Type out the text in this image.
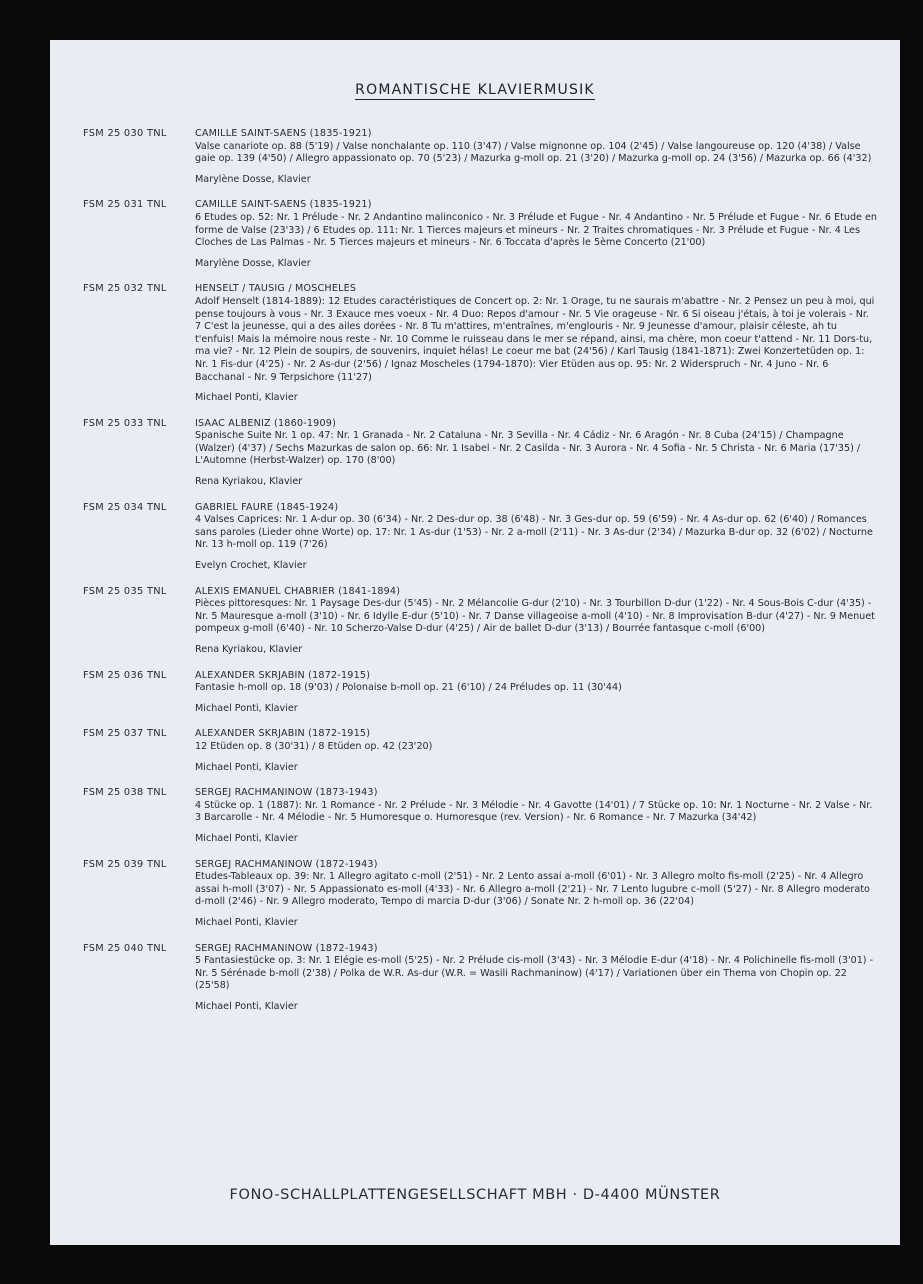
ROMANTISCHE KLAVIERMUSIK
FSM 25 030 TNL	CAMILLE SAINT-SAENS (1835-1921)

Valse canariote op. 88 (5'19) / Valse nonchalante op. 110 (3'47) / Valse mignonne op. 104 (2'45) / Valse langoureuse op. 120 (4'38) / Valse gaie op. 139 (4'50) / Allegro appassionato op. 70 (5'23) / Mazurka g-moll op. 21 (3'20) / Mazurka g-moll op. 24 (3'56) / Mazurka op. 66 (4'32)

Marylène Dosse, Klavier
FSM 25 031 TNL	CAMILLE SAINT-SAENS (1835-1921)

6 Etudes op. 52: Nr. 1 Prélude - Nr. 2 Andantino malinconico - Nr. 3 Prélude et Fugue - Nr. 4 Andantino - Nr. 5 Prélude et Fugue - Nr. 6 Etude en forme de Valse (23'33) / 6 Etudes op. 111: Nr. 1 Tierces majeurs et mineurs - Nr. 2 Traites chromatiques - Nr. 3 Prélude et Fugue - Nr. 4 Les Cloches de Las Palmas - Nr. 5 Tierces majeurs et mineurs - Nr. 6 Toccata d'après le 5ème Concerto (21'00)

Marylène Dosse, Klavier
FSM 25 032 TNL	HENSELT / TAUSIG / MOSCHELES

Adolf Henselt (1814-1889): 12 Etudes caractéristiques de Concert op. 2: Nr. 1 Orage, tu ne saurais m'abattre - Nr. 2 Pensez un peu à moi, qui pense toujours à vous - Nr. 3 Exauce mes voeux - Nr. 4 Duo: Repos d'amour - Nr. 5 Vie orageuse - Nr. 6 Si oiseau j'étais, à toi je volerais - Nr. 7 C'est la jeunesse, qui a des ailes dorées - Nr. 8 Tu m'attires, m'entraînes, m'englouris - Nr. 9 Jeunesse d'amour, plaisir céleste, ah tu t'enfuis! Mais la mémoire nous reste - Nr. 10 Comme le ruisseau dans le mer se répand, ainsi, ma chère, mon coeur t'attend - Nr. 11 Dors-tu, ma vie? - Nr. 12 Plein de soupirs, de souvenirs, inquiet hélas! Le coeur me bat (24'56) / Karl Tausig (1841-1871): Zwei Konzertetüden op. 1: Nr. 1 Fis-dur (4'25) - Nr. 2 As-dur (2'56) / Ignaz Moscheles (1794-1870): Vier Etüden aus op. 95: Nr. 2 Widerspruch - Nr. 4 Juno - Nr. 6 Bacchanal - Nr. 9 Terpsichore (11'27)

Michael Ponti, Klavier
FSM 25 033 TNL	ISAAC ALBENIZ (1860-1909)

Spanische Suite Nr. 1 op. 47: Nr. 1 Granada - Nr. 2 Cataluna - Nr. 3 Sevilla - Nr. 4 Cádiz - Nr. 6 Aragón - Nr. 8 Cuba (24'15) / Champagne (Walzer) (4'37) / Sechs Mazurkas de salon op. 66: Nr. 1 Isabel - Nr. 2 Casilda - Nr. 3 Aurora - Nr. 4 Sofia - Nr. 5 Christa - Nr. 6 Maria (17'35) / L'Automne (Herbst-Walzer) op. 170 (8'00)

Rena Kyriakou, Klavier
FSM 25 034 TNL	GABRIEL FAURE (1845-1924)

4 Valses Caprices: Nr. 1 A-dur op. 30 (6'34) - Nr. 2 Des-dur op. 38 (6'48) - Nr. 3 Ges-dur op. 59 (6'59) - Nr. 4 As-dur op. 62 (6'40) / Romances sans paroles (Lieder ohne Worte) op. 17: Nr. 1 As-dur (1'53) - Nr. 2 a-moll (2'11) - Nr. 3 As-dur (2'34) / Mazurka B-dur op. 32 (6'02) / Nocturne Nr. 13 h-moll op. 119 (7'26)

Evelyn Crochet, Klavier
FSM 25 035 TNL	ALEXIS EMANUEL CHABRIER (1841-1894)

Pièces pittoresques: Nr. 1 Paysage Des-dur (5'45) - Nr. 2 Mélancolie G-dur (2'10) - Nr. 3 Tourbillon D-dur (1'22) - Nr. 4 Sous-Bois C-dur (4'35) - Nr. 5 Mauresque a-moll (3'10) - Nr. 6 Idylle E-dur (5'10) - Nr. 7 Danse villageoise a-moll (4'10) - Nr. 8 Improvisation B-dur (4'27) - Nr. 9 Menuet pompeux g-moll (6'40) - Nr. 10 Scherzo-Valse D-dur (4'25) / Air de ballet D-dur (3'13) / Bourrée fantasque c-moll (6'00)

Rena Kyriakou, Klavier
FSM 25 036 TNL	ALEXANDER SKRJABIN (1872-1915)

Fantasie h-moll op. 18 (9'03) / Polonaise b-moll op. 21 (6'10) / 24 Préludes op. 11 (30'44)

Michael Ponti, Klavier
FSM 25 037 TNL	ALEXANDER SKRJABIN (1872-1915)

12 Etüden op. 8 (30'31) / 8 Etüden op. 42 (23'20)

Michael Ponti, Klavier
FSM 25 038 TNL	SERGEJ RACHMANINOW (1873-1943)

4 Stücke op. 1 (1887): Nr. 1 Romance - Nr. 2 Prélude - Nr. 3 Mélodie - Nr. 4 Gavotte (14'01) / 7 Stücke op. 10: Nr. 1 Nocturne - Nr. 2 Valse - Nr. 3 Barcarolle - Nr. 4 Mélodie - Nr. 5 Humoresque o. Humoresque (rev. Version) - Nr. 6 Romance - Nr. 7 Mazurka (34'42)

Michael Ponti, Klavier
FSM 25 039 TNL	SERGEJ RACHMANINOW (1872-1943)

Etudes-Tableaux op. 39: Nr. 1 Allegro agitato c-moll (2'51) - Nr. 2 Lento assai a-moll (6'01) - Nr. 3 Allegro molto fis-moll (2'25) - Nr. 4 Allegro assai h-moll (3'07) - Nr. 5 Appassionato es-moll (4'33) - Nr. 6 Allegro a-moll (2'21) - Nr. 7 Lento lugubre c-moll (5'27) - Nr. 8 Allegro moderato d-moll (2'46) - Nr. 9 Allegro moderato, Tempo di marcia D-dur (3'06) / Sonate Nr. 2 h-moll op. 36 (22'04)

Michael Ponti, Klavier
FSM 25 040 TNL	SERGEJ RACHMANINOW (1872-1943)

5 Fantasiestücke op. 3: Nr. 1 Elégie es-moll (5'25) - Nr. 2 Prélude cis-moll (3'43) - Nr. 3 Mélodie E-dur (4'18) - Nr. 4 Polichinelle fis-moll (3'01) - Nr. 5 Sérénade b-moll (2'38) / Polka de W.R. As-dur (W.R. = Wasili Rachmaninow) (4'17) / Variationen über ein Thema von Chopin op. 22 (25'58)

Michael Ponti, Klavier
FONO-SCHALLPLATTENGESELLSCHAFT MBH · D-4400 MÜNSTER
